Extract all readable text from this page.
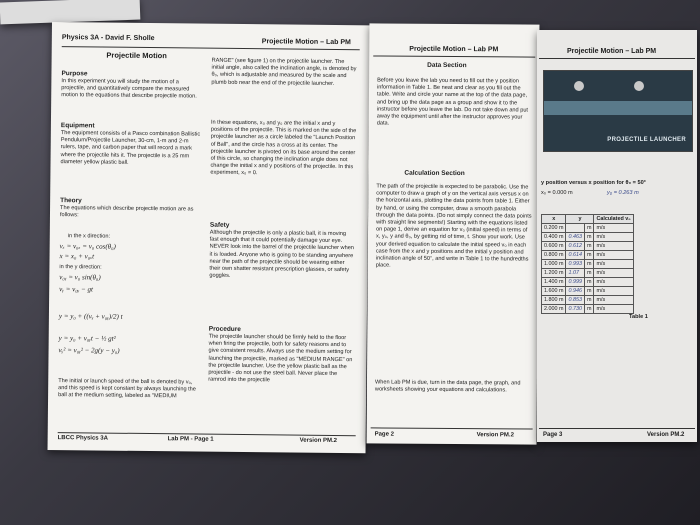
Physics 3A - David F. Sholle
Projectile Motion – Lab PM
Projectile Motion
Purpose
In this experiment you will study the motion of a projectile, and quantitatively compare the measured motion to the equations that describe projectile motion.
Equipment
The equipment consists of a Pasco combination Ballistic Pendulum/Projectile Launcher, 30-cm, 1-m and 2-m rulers, tape, and carbon paper that will record a mark where the projectile hits it. The projectile is a 25 mm diameter yellow plastic ball.
Theory
The equations which describe projectile motion are as follows:
in the x direction:
vₓ = v₀ₓ = v₀ cos(θ₀)
x = x₀ + v₀ₓt
in the y direction:
v₀ᵧ = v₀ sin(θ₀)
vᵧ = v₀ᵧ − gt
y = y₀ + ((vᵧ + v₀ᵧ)/2) t
y = y₀ + v₀ᵧt − ½ gt²
vᵧ² = v₀ᵧ² − 2g(y − y₀)
The initial or launch speed of the ball is denoted by v₀, and this speed is kept constant by always launching the ball at the medium setting, labeled as "MEDIUM
RANGE" (see figure 1) on the projectile launcher. The initial angle, also called the inclination angle, is denoted by θ₀, which is adjustable and measured by the scale and plumb bob near the end of the projectile launcher.
In these equations, x₀ and y₀ are the initial x and y positions of the projectile. This is marked on the side of the projectile launcher as a circle labeled the "Launch Position of Ball", and the circle has a cross at its center. The projectile launcher is pivoted on its base around the center of this circle, so changing the inclination angle does not change the initial x and y positions of the projectile. In this experiment, x₀ = 0.
Safety
Although the projectile is only a plastic ball, it is moving fast enough that it could potentially damage your eye. NEVER look into the barrel of the projectile launcher when it is loaded. Anyone who is going to be standing anywhere near the path of the projectile should be wearing either their own shatter resistant prescription glasses, or safety goggles.
Procedure
The projectile launcher should be firmly held to the floor when firing the projectile, both for safety reasons and to give consistent results. Always use the medium setting for launching the projectile, marked as "MEDIUM RANGE" on the projectile launcher. Use the yellow plastic ball as the projectile - do not use the steel ball. Never place the ramrod into the projectile
LBCC Physics 3A	Lab PM - Page 1	Version PM.2
Projectile Motion – Lab PM
Data Section
Before you leave the lab you need to fill out the y position information in Table 1. Be neat and clear as you fill out the table. Write and circle your name at the top of the data page, and bring up the data page as a group and show it to the instructor before you leave the lab. Do not take down and put away the equipment until after the instructor approves your data.
Calculation Section
The path of the projectile is expected to be parabolic. Use the computer to draw a graph of y on the vertical axis versus x on the horizontal axis, plotting the data points from table 1. Either by hand, or using the computer, draw a smooth parabola through the data points. (Do not simply connect the data points with straight line segments!) Starting with the equations listed on page 1, derive an equation for v₀ (initial speed) in terms of x, y₀, y and θ₀, by getting rid of time, t. Show your work. Use your derived equation to calculate the initial speed v₀ in each case from the x and y positions and the initial y position and inclination angle of 50°, and write in Table 1 to the hundredths place.
When Lab PM is due, turn in the data page, the graph, and worksheets showing your equations and calculations.
Page 2	Version PM.2
Projectile Motion – Lab PM
PROJECTILE LAUNCHER
y position versus x position for θ₀ = 50°
x₀ = 0.000 m	y₀ = 0.263 m
x	y		Calculated v₀
0.200 m		m	m/s
0.400 m	0.463	m	m/s
0.600 m	0.612	m	m/s
0.800 m	0.614	m	m/s
1.000 m	0.993	m	m/s
1.200 m	1.07	m	m/s
1.400 m	0.999	m	m/s
1.600 m	0.946	m	m/s
1.800 m	0.853	m	m/s
2.000 m	0.730	m	m/s
Table 1
Page 3	Version PM.2
